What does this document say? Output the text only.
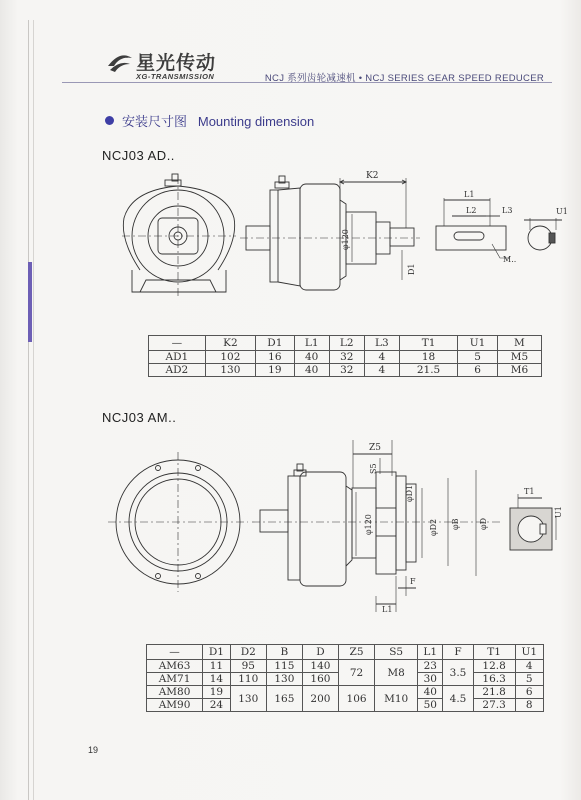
星光传动
XG-TRANSMISSION	NCJ 系列齿轮减速机 • NCJ SERIES GEAR SPEED REDUCER
安装尺寸图 Mounting dimension
NCJ03 AD..
NCJ03 AM..
K2
φ120
D1
L1
L2	L3
M..
U1
Z5
S5
φ120
φD1
φD2 φB φD
F
L1
T1
U1
—	K2	D1	L1	L2	L3	T1	U1	M
AD1	102	16	40	32	4	18	5	M5
AD2	130	19	40	32	4	21.5	6	M6
—	D1	D2	B	D	Z5	S5	L1	F	T1	U1
AM63	11	95	115	140	72	M8	23	3.5	12.8	4
AM71	14	110	130	160			30		16.3	5
AM80	19	130	165	200	106	M10	40	4.5	21.8	6
AM90	24						50		27.3	8
19
